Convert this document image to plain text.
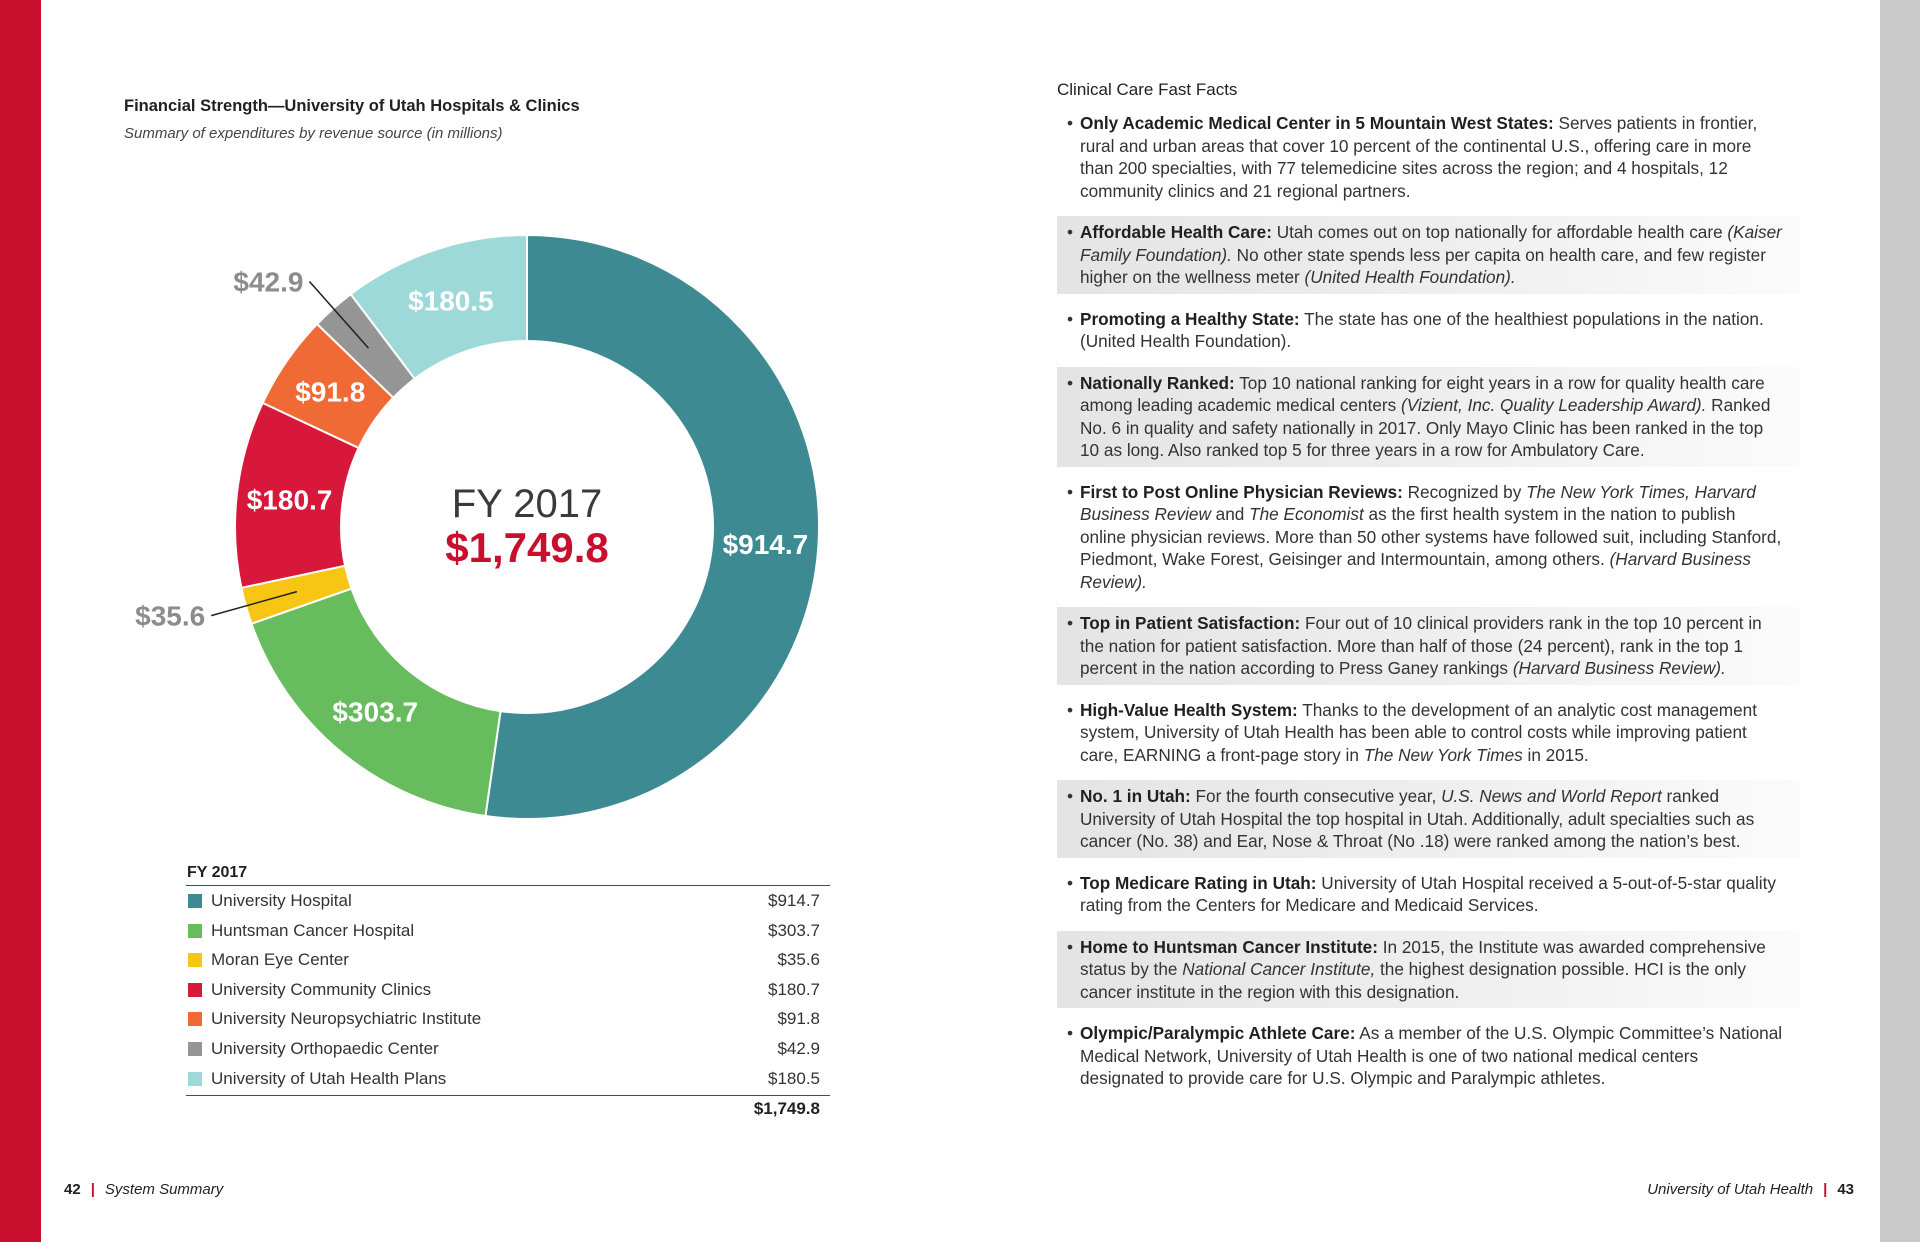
Financial Strength—University of Utah Hospitals & Clinics
Summary of expenditures by revenue source (in millions)
$914.7
$303.7
$35.6
$180.7
$91.8
$42.9
$180.5
FY 2017
$1,749.8
FY 2017
University Hospital	$914.7
Huntsman Cancer Hospital	$303.7
Moran Eye Center	$35.6
University Community Clinics	$180.7
University Neuropsychiatric Institute	$91.8
University Orthopaedic Center	$42.9
University of Utah Health Plans	$180.5
$1,749.8
Clinical Care Fast Facts
• Only Academic Medical Center in 5 Mountain West States: Serves patients in frontier, rural and urban areas that cover 10 percent of the continental U.S., offering care in more than 200 specialties, with 77 telemedicine sites across the region; and 4 hospitals, 12 community clinics and 21 regional partners.
• Affordable Health Care: Utah comes out on top nationally for affordable health care (Kaiser Family Foundation). No other state spends less per capita on health care, and few register higher on the wellness meter (United Health Foundation).
• Promoting a Healthy State: The state has one of the healthiest populations in the nation. (United Health Foundation).
• Nationally Ranked: Top 10 national ranking for eight years in a row for quality health care among leading academic medical centers (Vizient, Inc. Quality Leadership Award). Ranked No. 6 in quality and safety nationally in 2017. Only Mayo Clinic has been ranked in the top 10 as long. Also ranked top 5 for three years in a row for Ambulatory Care.
• First to Post Online Physician Reviews: Recognized by The New York Times, Harvard Business Review and The Economist as the first health system in the nation to publish online physician reviews. More than 50 other systems have followed suit, including Stanford, Piedmont, Wake Forest, Geisinger and Intermountain, among others. (Harvard Business Review).
• Top in Patient Satisfaction: Four out of 10 clinical providers rank in the top 10 percent in the nation for patient satisfaction. More than half of those (24 percent), rank in the top 1 percent in the nation according to Press Ganey rankings (Harvard Business Review).
• High-Value Health System: Thanks to the development of an analytic cost management system, University of Utah Health has been able to control costs while improving patient care, EARNING a front-page story in The New York Times in 2015.
• No. 1 in Utah: For the fourth consecutive year, U.S. News and World Report ranked University of Utah Hospital the top hospital in Utah. Additionally, adult specialties such as cancer (No. 38) and Ear, Nose & Throat (No .18) were ranked among the nation’s best.
• Top Medicare Rating in Utah: University of Utah Hospital received a 5-out-of-5-star quality rating from the Centers for Medicare and Medicaid Services.
• Home to Huntsman Cancer Institute: In 2015, the Institute was awarded comprehensive status by the National Cancer Institute, the highest designation possible. HCI is the only cancer institute in the region with this designation.
• Olympic/Paralympic Athlete Care: As a member of the U.S. Olympic Committee’s National Medical Network, University of Utah Health is one of two national medical centers designated to provide care for U.S. Olympic and Paralympic athletes.
42 | System Summary	University of Utah Health | 43
